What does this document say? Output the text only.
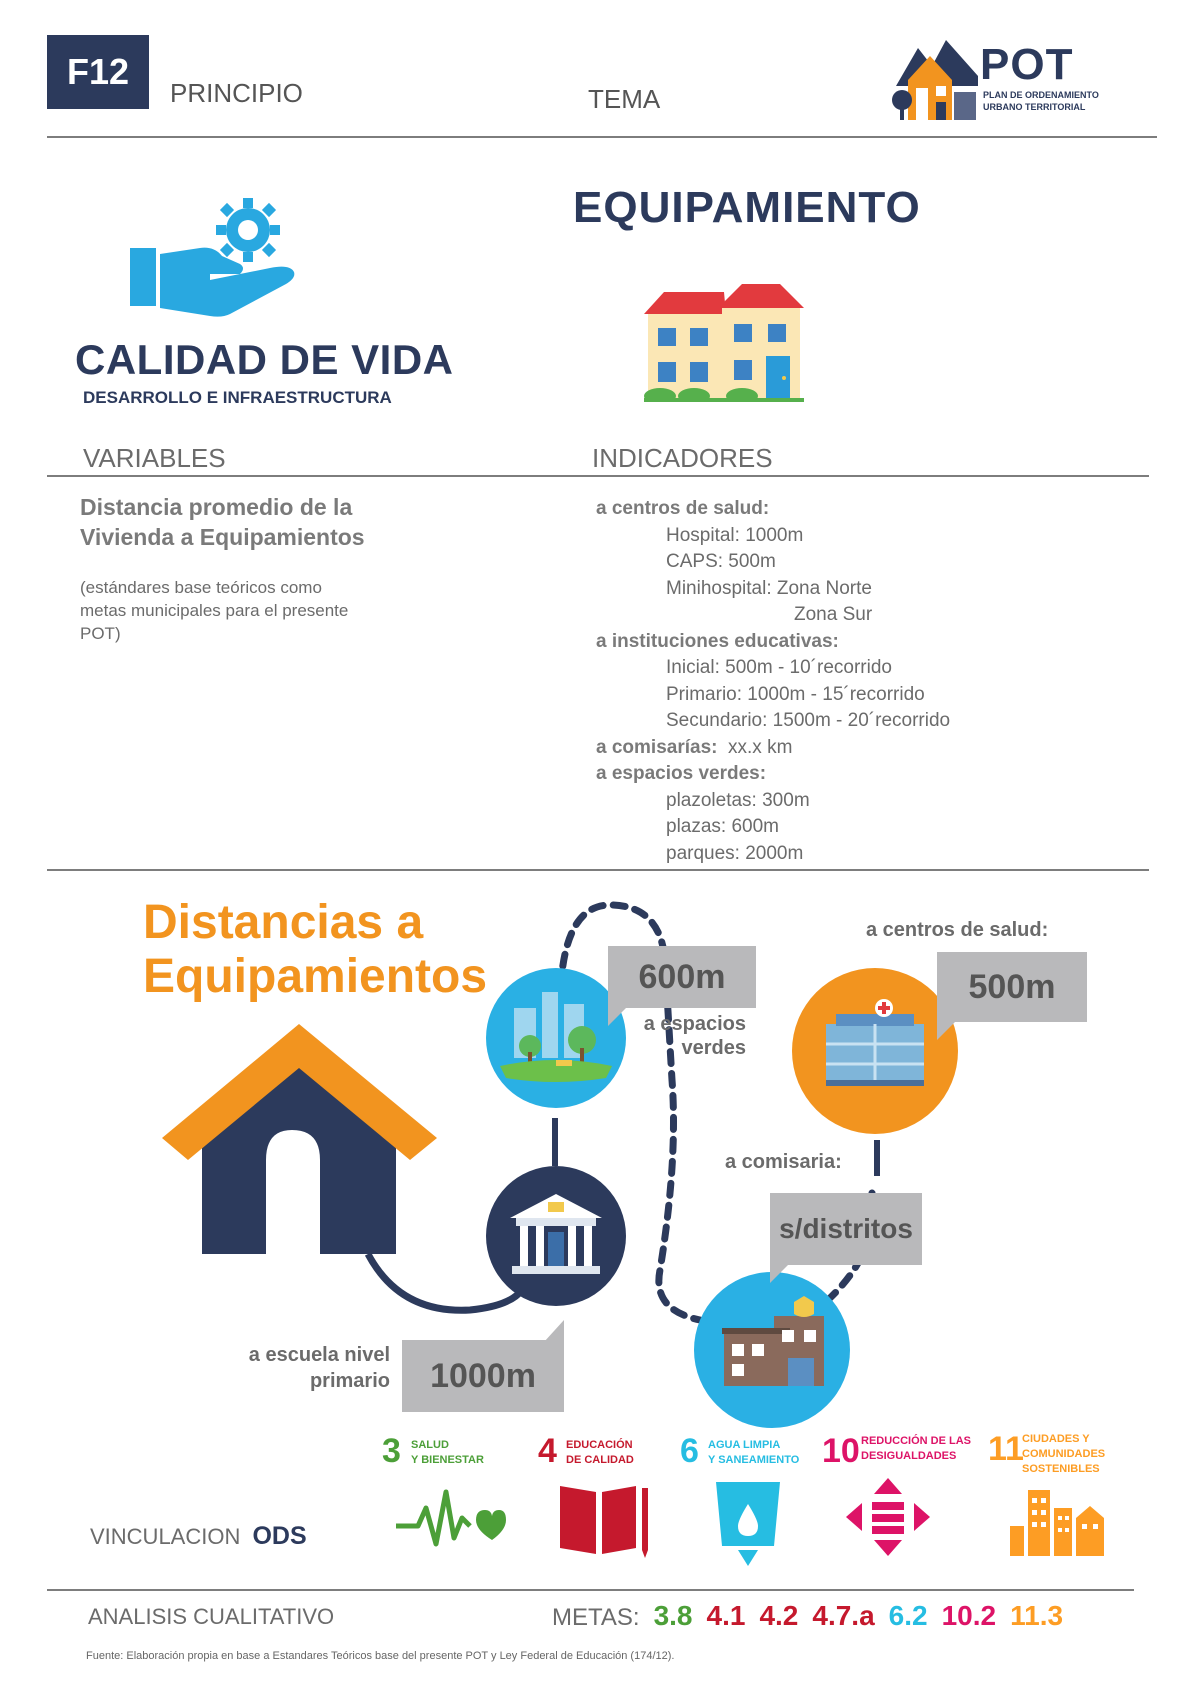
F12
PRINCIPIO	TEMA
POT
PLAN DE ORDENAMIENTO
URBANO TERRITORIAL
CALIDAD DE VIDA
DESARROLLO E INFRAESTRUCTURA
EQUIPAMIENTO
VARIABLES	INDICADORES
Distancia promedio de la
Vivienda a Equipamientos
(estándares base teóricos como
metas municipales para el presente
POT)
a centros de salud:
Hospital: 1000m
CAPS: 500m
Minihospital: Zona Norte
Zona Sur
a instituciones educativas:
Inicial: 500m - 10´recorrido
Primario: 1000m - 15´recorrido
Secundario: 1500m - 20´recorrido
a comisarías:  xx.x km
a espacios verdes:
plazoletas: 300m
plazas: 600m
parques: 2000m
Distancias a
Equipamientos	600m
a espacios
verdes
a centros de salud:
500m
a comisaria:
s/distritos
a escuela nivel
primario	1000m
VINCULACION ODS
3 SALUD
Y BIENESTAR 4 EDUCACIÓN
DE CALIDAD 6 AGUA LIMPIA
Y SANEAMIENTO 10 REDUCCIÓN DE LAS
DESIGUALDADES 11
CIUDADES Y
COMUNIDADES
SOSTENIBLES
ANALISIS CUALITATIVO	METAS: 3.8 4.1 4.2 4.7.a 6.2 10.2 11.3
Fuente: Elaboración propia en base a Estandares Teóricos base del presente POT y Ley Federal de Educación (174/12).
